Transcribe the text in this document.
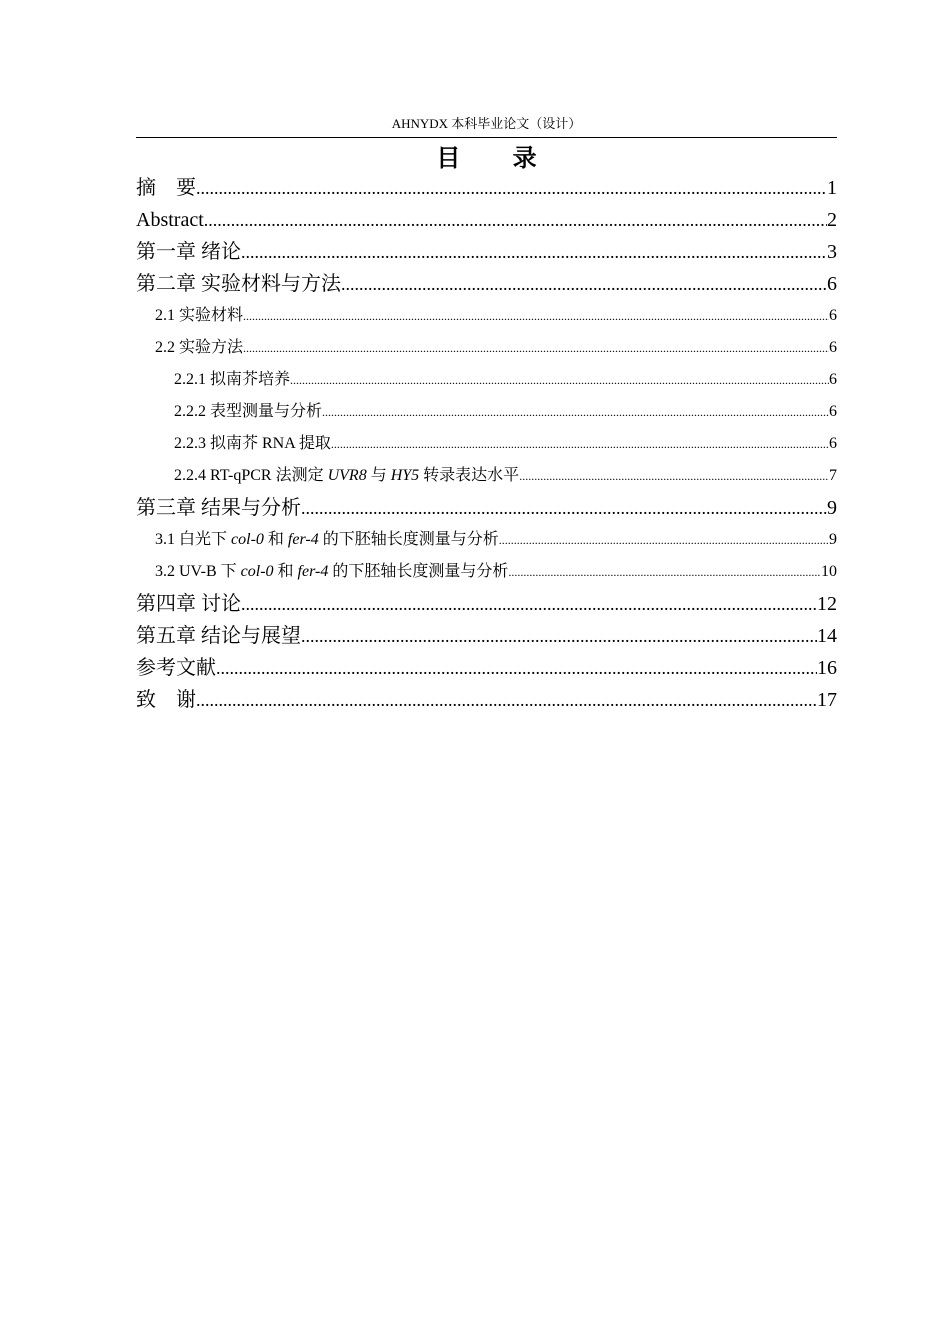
AHNYDX 本科毕业论文（设计）
目 录
摘　要 .....	1
Abstract .....	2
第一章 绪论 .....	3
第二章 实验材料与方法 .....	6
2.1 实验材料 .....	6
2.2 实验方法 .....	6
2.2.1 拟南芥培养 .....	6
2.2.2 表型测量与分析 .....	6
2.2.3 拟南芥 RNA 提取 .....	6
2.2.4 RT-qPCR 法测定 UVR8 与 HY5 转录表达水平 .....	7
第三章 结果与分析 .....	9
3.1 白光下 col-0 和 fer-4 的下胚轴长度测量与分析 .....	9
3.2 UV-B 下 col-0 和 fer-4 的下胚轴长度测量与分析 .....	10
第四章 讨论 .....	12
第五章 结论与展望 .....	14
参考文献 .....	16
致　谢 .....	17
